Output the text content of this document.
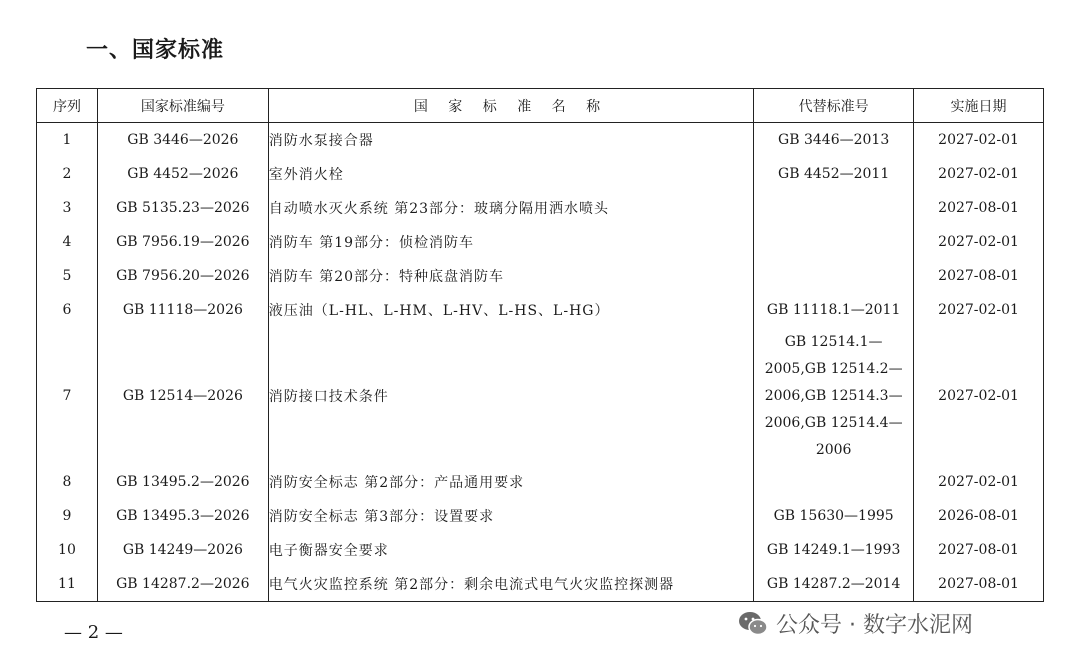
一、国家标准
序列	国家标准编号	国 家 标 准 名 称	代替标准号	实施日期
1	GB 3446—2026	消防水泵接合器	GB 3446—2013	2027-02-01
2	GB 4452—2026	室外消火栓	GB 4452—2011	2027-02-01
3	GB 5135.23—2026	自动喷水灭火系统 第23部分：玻璃分隔用洒水喷头		2027-08-01
4	GB 7956.19—2026	消防车 第19部分：侦检消防车		2027-02-01
5	GB 7956.20—2026	消防车 第20部分：特种底盘消防车		2027-08-01
6	GB 11118—2026	液压油（L-HL、L-HM、L-HV、L-HS、L-HG）	GB 11118.1—2011	2027-02-01
7	GB 12514—2026	消防接口技术条件	GB 12514.1—
2005,GB 12514.2—
2006,GB 12514.3—
2006,GB 12514.4—
2006	2027-02-01
8	GB 13495.2—2026	消防安全标志 第2部分：产品通用要求		2027-02-01
9	GB 13495.3—2026	消防安全标志 第3部分：设置要求	GB 15630—1995	2026-08-01
10	GB 14249—2026	电子衡器安全要求	GB 14249.1—1993	2027-08-01
11	GB 14287.2—2026	电气火灾监控系统 第2部分：剩余电流式电气火灾监控探测器	GB 14287.2—2014	2027-08-01
— 2 —	公众号 · 数字水泥网
